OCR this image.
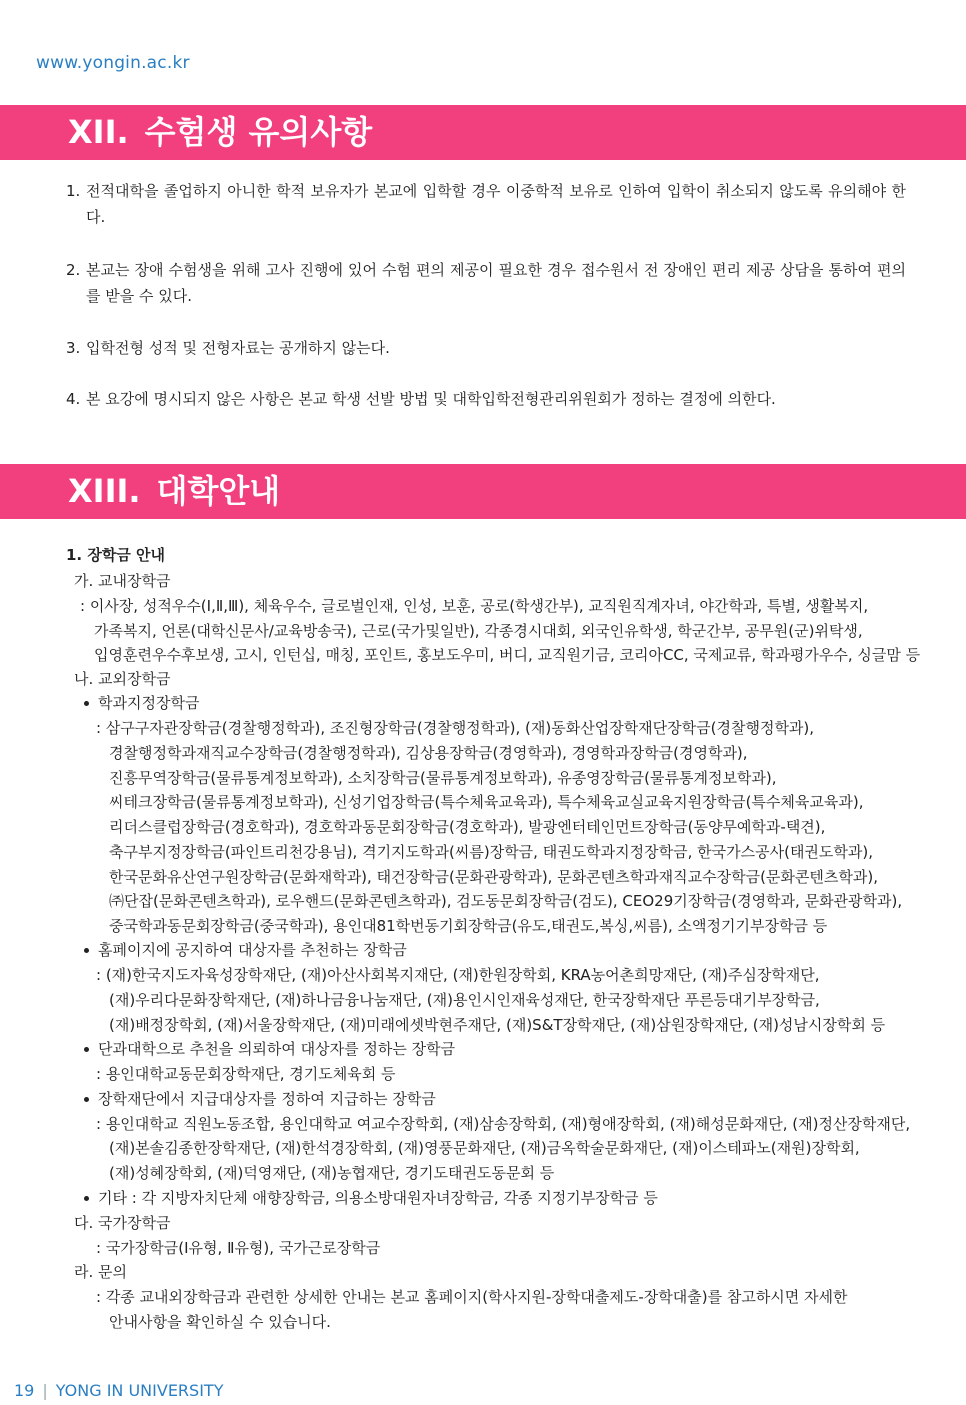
www.yongin.ac.kr
XII. 수험생 유의사항
1. 전적대학을 졸업하지 아니한 학적 보유자가 본교에 입학할 경우 이중학적 보유로 인하여 입학이 취소되지 않도록 유의해야 한다.
2. 본교는 장애 수험생을 위해 고사 진행에 있어 수험 편의 제공이 필요한 경우 접수원서 전 장애인 편리 제공 상담을 통하여 편의를 받을 수 있다.
3. 입학전형 성적 및 전형자료는 공개하지 않는다.
4. 본 요강에 명시되지 않은 사항은 본교 학생 선발 방법 및 대학입학전형관리위원회가 정하는 결정에 의한다.
XIII. 대학안내
1. 장학금 안내
가. 교내장학금
: 이사장, 성적우수(Ⅰ,Ⅱ,Ⅲ), 체육우수, 글로벌인재, 인성, 보훈, 공로(학생간부), 교직원직계자녀, 야간학과, 특별, 생활복지,
가족복지, 언론(대학신문사/교육방송국), 근로(국가및일반), 각종경시대회, 외국인유학생, 학군간부, 공무원(군)위탁생,
입영훈련우수후보생, 고시, 인턴십, 매칭, 포인트, 홍보도우미, 버디, 교직원기금, 코리아CC, 국제교류, 학과평가우수, 싱글맘 등
나. 교외장학금
학과지정장학금
: 삼구구자관장학금(경찰행정학과), 조진형장학금(경찰행정학과), (재)동화산업장학재단장학금(경찰행정학과),
경찰행정학과재직교수장학금(경찰행정학과), 김상용장학금(경영학과), 경영학과장학금(경영학과),
진흥무역장학금(물류통계정보학과), 소치장학금(물류통계정보학과), 유종영장학금(물류통계정보학과),
씨테크장학금(물류통계정보학과), 신성기업장학금(특수체육교육과), 특수체육교실교육지원장학금(특수체육교육과),
리더스클럽장학금(경호학과), 경호학과동문회장학금(경호학과), 발광엔터테인먼트장학금(동양무예학과-택견),
축구부지정장학금(파인트리천강용님), 격기지도학과(씨름)장학금, 태권도학과지정장학금, 한국가스공사(태권도학과),
한국문화유산연구원장학금(문화재학과), 태건장학금(문화관광학과), 문화콘텐츠학과재직교수장학금(문화콘텐츠학과),
㈜단잡(문화콘텐츠학과), 로우핸드(문화콘텐츠학과), 검도동문회장학금(검도), CEO29기장학금(경영학과, 문화관광학과),
중국학과동문회장학금(중국학과), 용인대81학번동기회장학금(유도,태권도,복싱,씨름), 소액정기기부장학금 등
홈페이지에 공지하여 대상자를 추천하는 장학금
: (재)한국지도자육성장학재단, (재)아산사회복지재단, (재)한원장학회, KRA농어촌희망재단, (재)주심장학재단,
(재)우리다문화장학재단, (재)하나금융나눔재단, (재)용인시인재육성재단, 한국장학재단 푸른등대기부장학금,
(재)배정장학회, (재)서울장학재단, (재)미래에셋박현주재단, (재)S&T장학재단, (재)삼원장학재단, (재)성남시장학회 등
단과대학으로 추천을 의뢰하여 대상자를 정하는 장학금
: 용인대학교동문회장학재단, 경기도체육회 등
장학재단에서 지급대상자를 정하여 지급하는 장학금
: 용인대학교 직원노동조합, 용인대학교 여교수장학회, (재)삼송장학회, (재)형애장학회, (재)해성문화재단, (재)정산장학재단,
(재)본솔김종한장학재단, (재)한석경장학회, (재)영풍문화재단, (재)금옥학술문화재단, (재)이스테파노(재원)장학회,
(재)성혜장학회, (재)덕영재단, (재)농협재단, 경기도태권도동문회 등
기타 : 각 지방자치단체 애향장학금, 의용소방대원자녀장학금, 각종 지정기부장학금 등
다. 국가장학금
: 국가장학금(Ⅰ유형, Ⅱ유형), 국가근로장학금
라. 문의
: 각종 교내외장학금과 관련한 상세한 안내는 본교 홈페이지(학사지원-장학대출제도-장학대출)를 참고하시면 자세한
안내사항을 확인하실 수 있습니다.
19 | YONG IN UNIVERSITY
